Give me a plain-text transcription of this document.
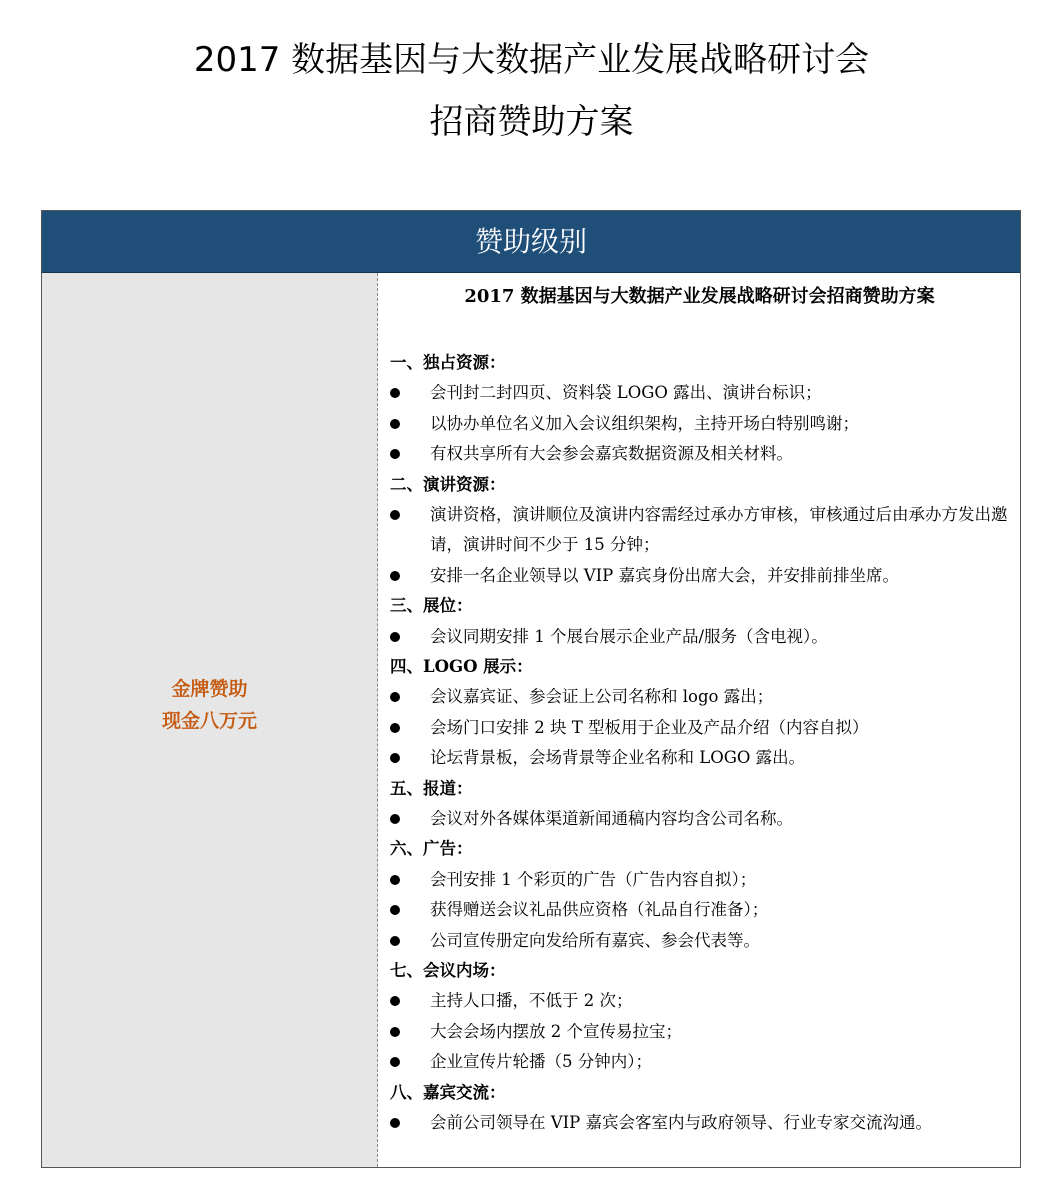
2017 数据基因与大数据产业发展战略研讨会
招商赞助方案
赞助级别
金牌赞助
现金八万元
2017 数据基因与大数据产业发展战略研讨会招商赞助方案
一、独占资源：
会刊封二封四页、资料袋 LOGO 露出、演讲台标识；
以协办单位名义加入会议组织架构，主持开场白特别鸣谢；
有权共享所有大会参会嘉宾数据资源及相关材料。
二、演讲资源：
演讲资格，演讲顺位及演讲内容需经过承办方审核，审核通过后由承办方发出邀请，演讲时间不少于 15 分钟；
安排一名企业领导以 VIP 嘉宾身份出席大会，并安排前排坐席。
三、展位：
会议同期安排 1 个展台展示企业产品/服务（含电视）。
四、LOGO 展示：
会议嘉宾证、参会证上公司名称和 logo 露出；
会场门口安排 2 块 T 型板用于企业及产品介绍（内容自拟）
论坛背景板，会场背景等企业名称和 LOGO 露出。
五、报道：
会议对外各媒体渠道新闻通稿内容均含公司名称。
六、广告：
会刊安排 1 个彩页的广告（广告内容自拟）；
获得赠送会议礼品供应资格（礼品自行准备）；
公司宣传册定向发给所有嘉宾、参会代表等。
七、会议内场：
主持人口播，不低于 2 次；
大会会场内摆放 2 个宣传易拉宝；
企业宣传片轮播（5 分钟内）；
八、嘉宾交流：
会前公司领导在 VIP 嘉宾会客室内与政府领导、行业专家交流沟通。
